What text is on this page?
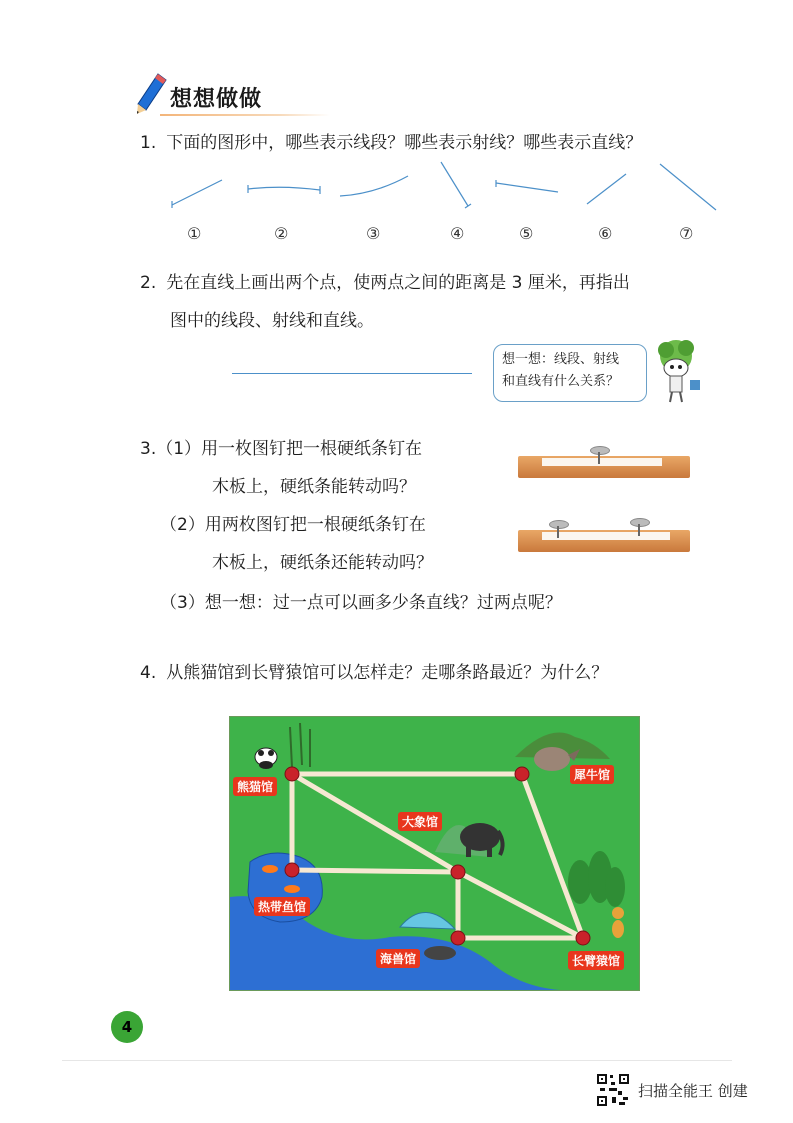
想想做做
1. 下面的图形中，哪些表示线段？哪些表示射线？哪些表示直线？
①	②	③	④	⑤	⑥	⑦
2. 先在直线上画出两个点，使两点之间的距离是 3 厘米，再指出
图中的线段、射线和直线。
想一想：线段、射线
和直线有什么关系？
3.（1）用一枚图钉把一根硬纸条钉在
木板上，硬纸条能转动吗？
（2）用两枚图钉把一根硬纸条钉在
木板上，硬纸条还能转动吗？
（3）想一想：过一点可以画多少条直线？过两点呢？
4. 从熊猫馆到长臂猿馆可以怎样走？走哪条路最近？为什么？
熊猫馆
犀牛馆
大象馆
热带鱼馆
海兽馆	长臂猿馆
4
扫描全能王 创建
